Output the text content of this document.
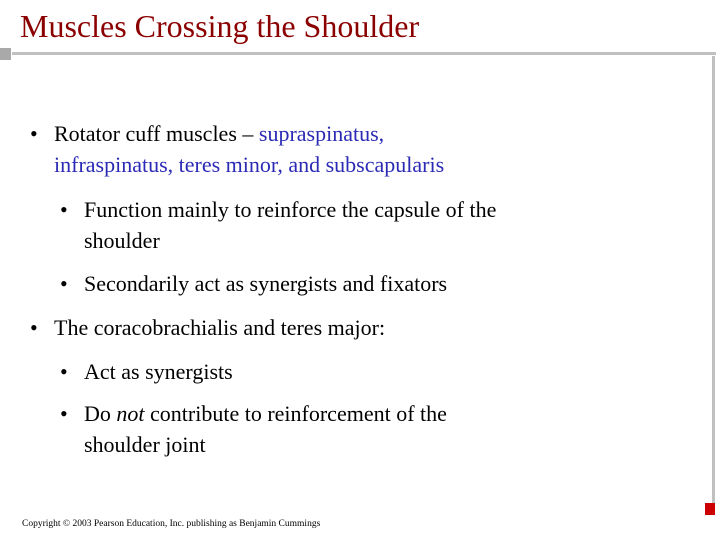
Muscles Crossing the Shoulder
• Rotator cuff muscles – supraspinatus,
infraspinatus, teres minor, and subscapularis
• Function mainly to reinforce the capsule of the
shoulder
• Secondarily act as synergists and fixators
• The coracobrachialis and teres major:
• Act as synergists
• Do not contribute to reinforcement of the
shoulder joint
Copyright © 2003 Pearson Education, Inc. publishing as Benjamin Cummings
